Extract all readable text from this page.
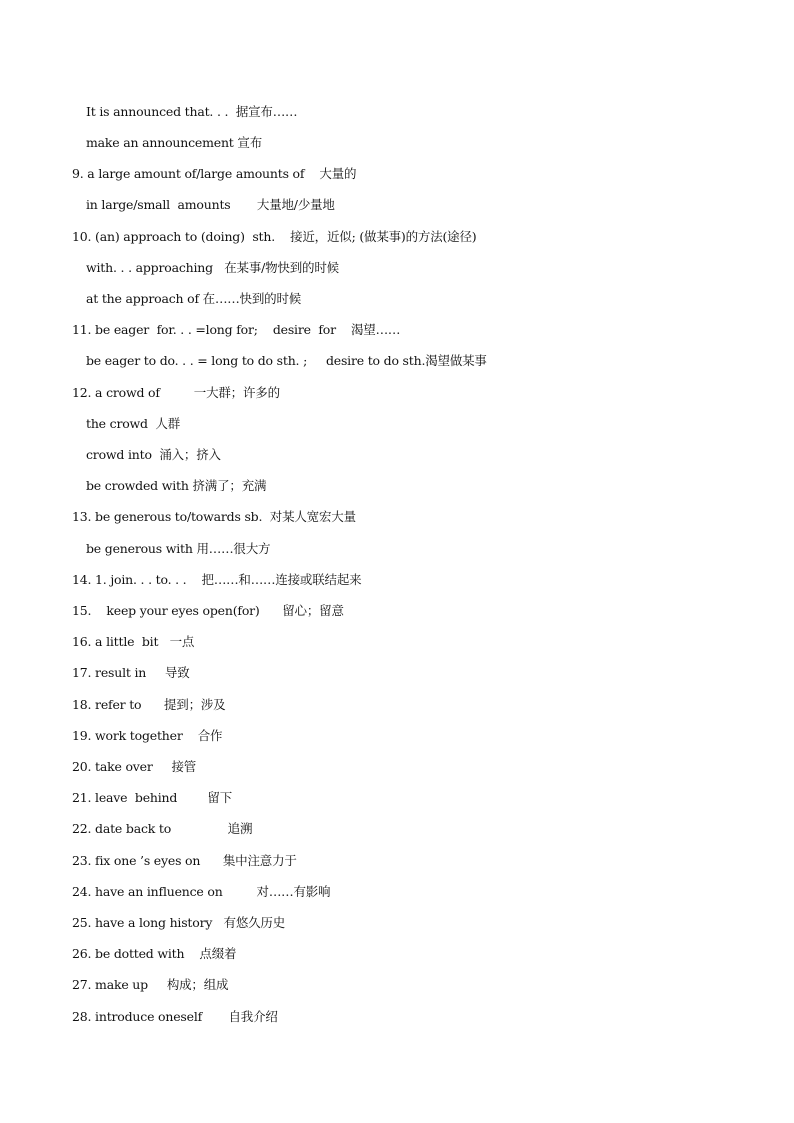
It is announced that. . .  据宣布……
make an announcement 宣布
9. a large amount of/large amounts of    大量的
in large/small  amounts       大量地/少量地
10. (an) approach to (doing)  sth.    接近，近似; (做某事)的方法(途径)
with. . . approaching   在某事/物快到的时候
at the approach of 在……快到的时候
11. be eager  for. . . =long for;    desire  for    渴望……
be eager to do. . . = long to do sth. ;     desire to do sth.渴望做某事
12. a crowd of         一大群；许多的
the crowd  人群
crowd into  涌入；挤入
be crowded with 挤满了；充满
13. be generous to/towards sb.  对某人宽宏大量
be generous with 用……很大方
14. 1. join. . . to. . .    把……和……连接或联结起来
15.    keep your eyes open(for)      留心；留意
16. a little  bit   一点
17. result in     导致
18. refer to      提到；涉及
19. work together    合作
20. take over     接管
21. leave  behind        留下
22. date back to               追溯
23. fix one ’s eyes on      集中注意力于
24. have an influence on         对……有影响
25. have a long history   有悠久历史
26. be dotted with    点缀着
27. make up     构成；组成
28. introduce oneself       自我介绍
